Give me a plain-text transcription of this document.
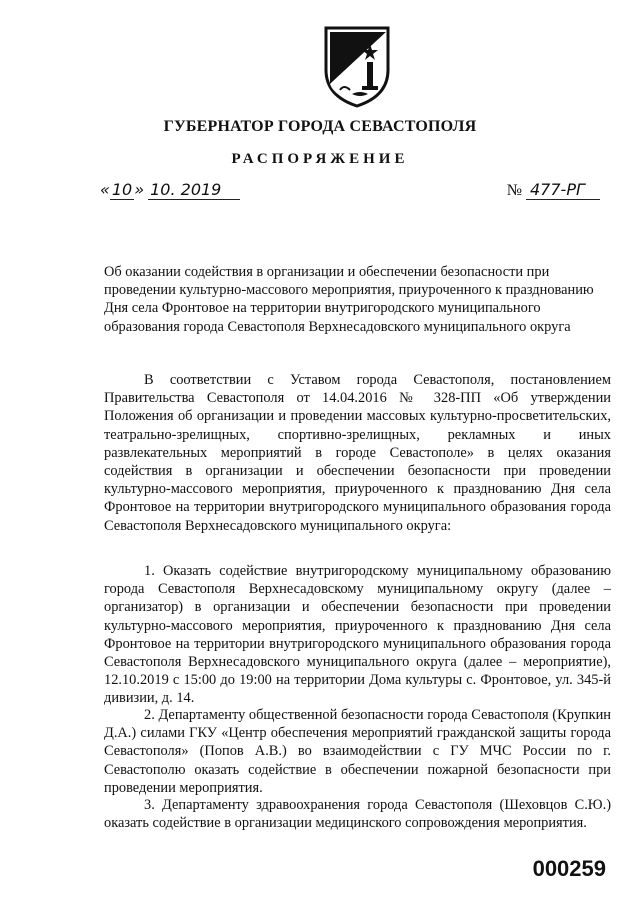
ГУБЕРНАТОР ГОРОДА СЕВАСТОПОЛЯ
РАСПОРЯЖЕНИЕ
« 10 » 10. 2019	№ 477-РГ

Об оказании содействия в организации и обеспечении безопасности при проведении культурно-массового мероприятия, приуроченного к празднованию Дня села Фронтовое на территории внутригородского муниципального образования города Севастополя Верхнесадовского муниципального округа

В соответствии с Уставом города Севастополя, постановлением Правительства Севастополя от 14.04.2016 № 328-ПП «Об утверждении Положения об организации и проведении массовых культурно-просветительских, театрально-зрелищных, спортивно-зрелищных, рекламных и иных развлекательных мероприятий в городе Севастополе» в целях оказания содействия в организации и обеспечении безопасности при проведении культурно-массового мероприятия, приуроченного к празднованию Дня села Фронтовое на территории внутригородского муниципального образования города Севастополя Верхнесадовского муниципального округа:

1. Оказать содействие внутригородскому муниципальному образованию города Севастополя Верхнесадовскому муниципальному округу (далее – организатор) в организации и обеспечении безопасности при проведении культурно-массового мероприятия, приуроченного к празднованию Дня села Фронтовое на территории внутригородского муниципального образования города Севастополя Верхнесадовского муниципального округа (далее – мероприятие), 12.10.2019 с 15:00 до 19:00 на территории Дома культуры с. Фронтовое, ул. 345-й дивизии, д. 14.

2. Департаменту общественной безопасности города Севастополя (Крупкин Д.А.) силами ГКУ «Центр обеспечения мероприятий гражданской защиты города Севастополя» (Попов А.В.) во взаимодействии с ГУ МЧС России по г. Севастополю оказать содействие в обеспечении пожарной безопасности при проведении мероприятия.

3. Департаменту здравоохранения города Севастополя (Шеховцов С.Ю.) оказать содействие в организации медицинского сопровождения мероприятия.

000259
